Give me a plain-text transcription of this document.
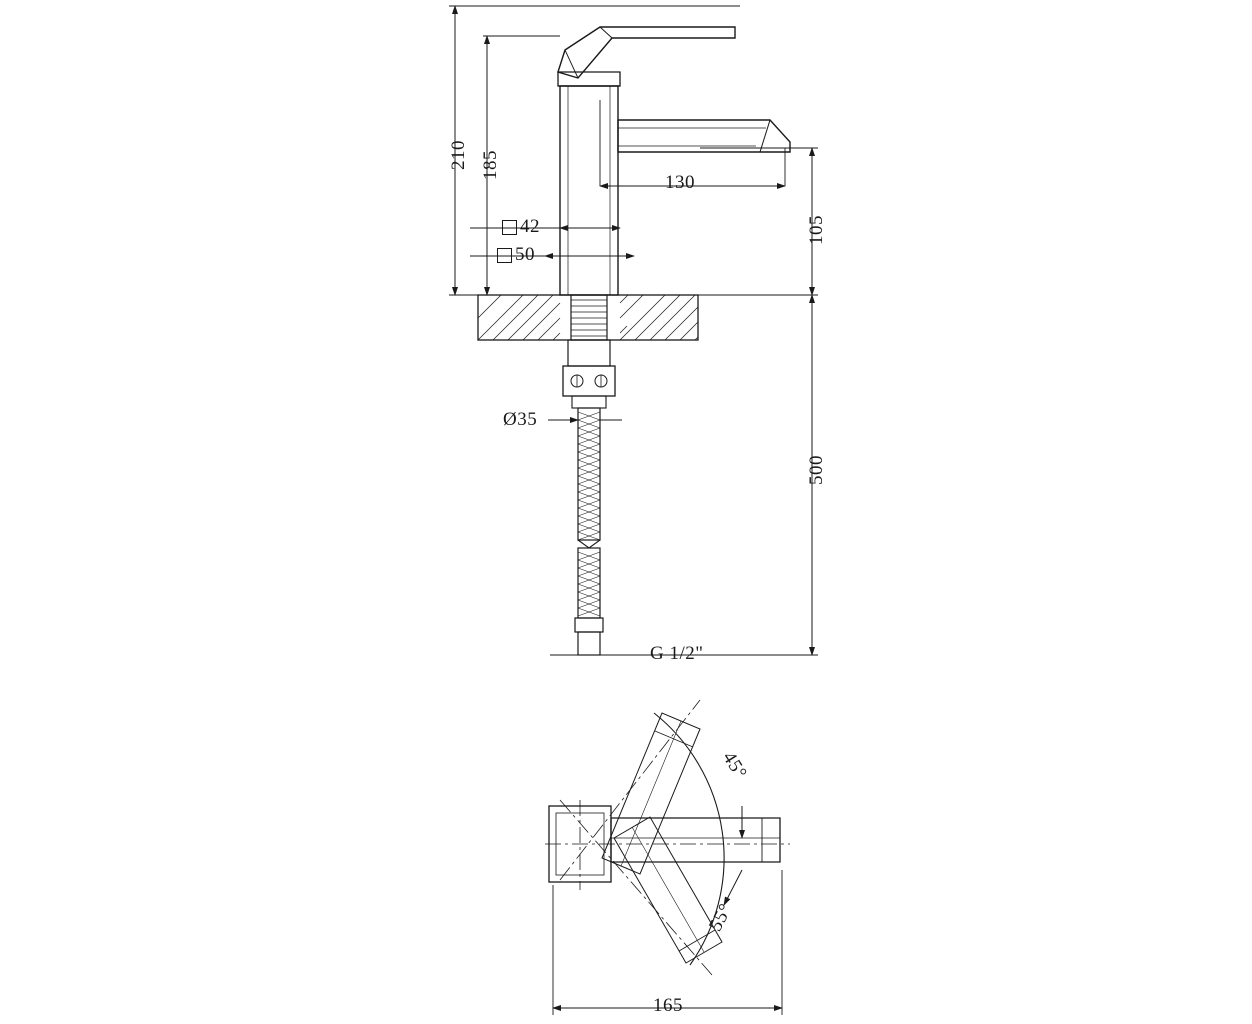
210 185
105
130
42
50
500
Ø35
G 1/2"
45°
55°
165
